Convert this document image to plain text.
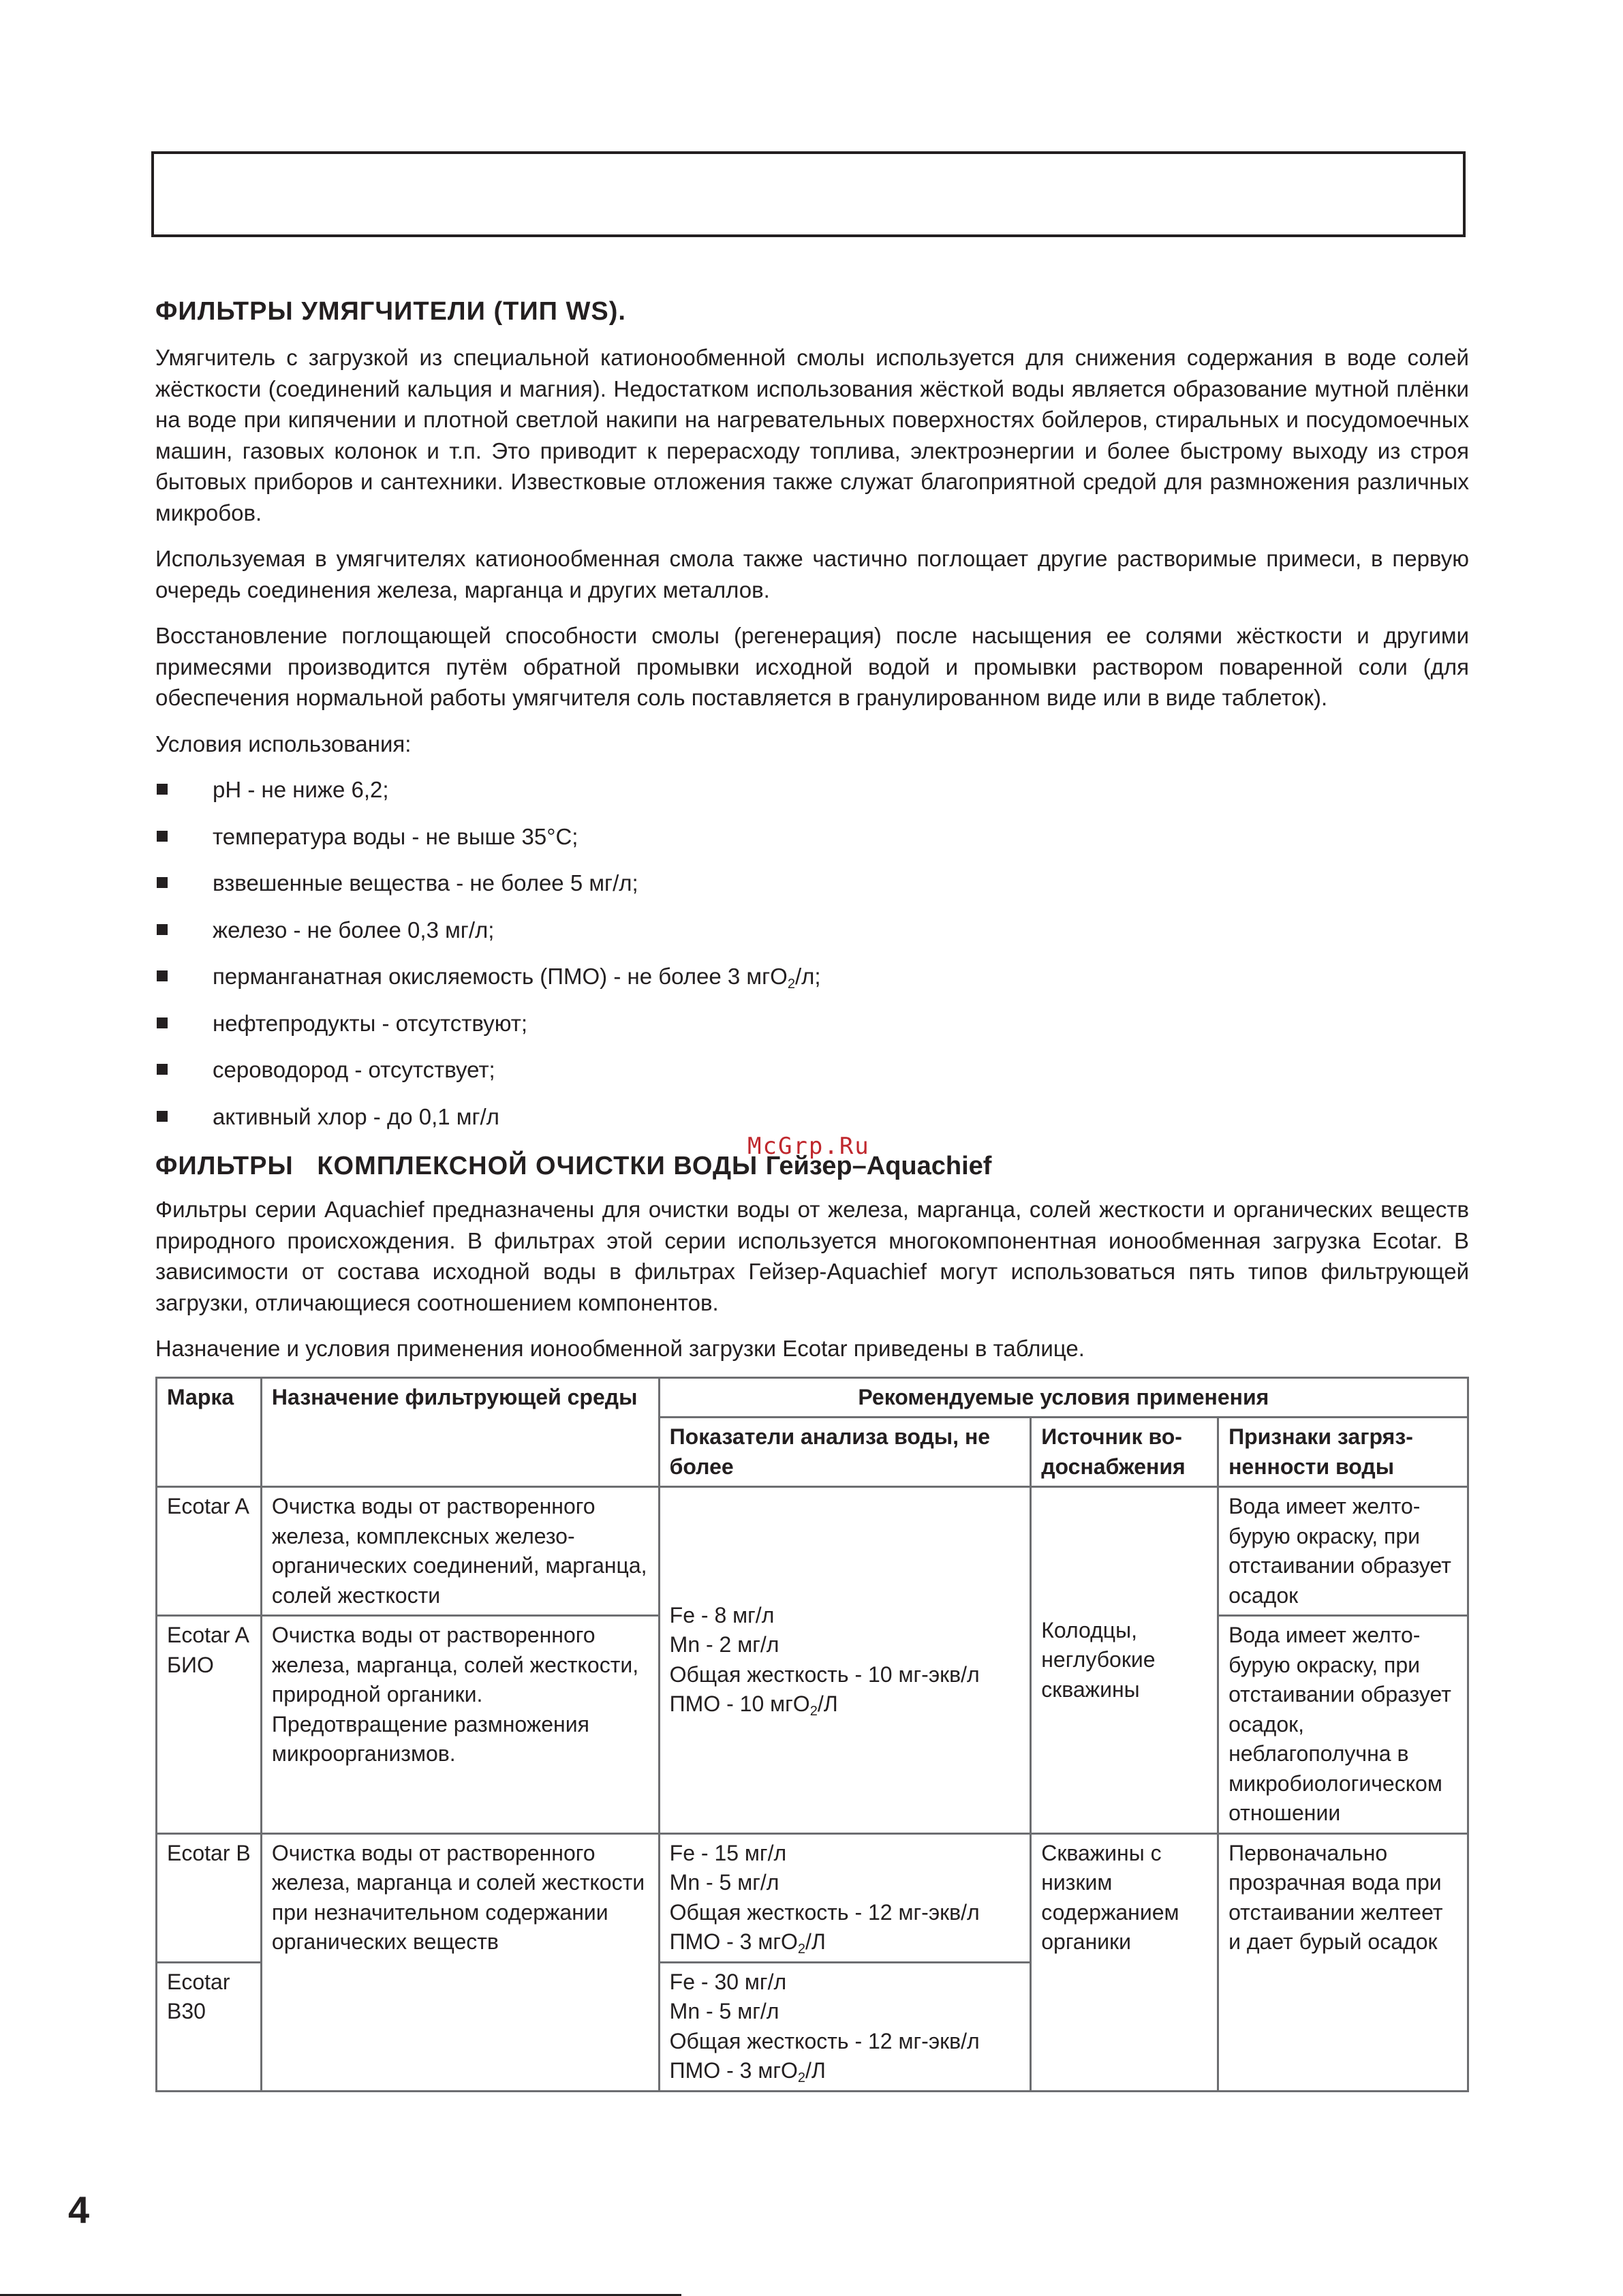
ФИЛЬТРЫ УМЯГЧИТЕЛИ (ТИП WS).

Умягчитель с загрузкой из специальной катионообменной смолы используется для снижения содержания в воде солей жёсткости (соединений кальция и магния). Недостатком использования жёсткой воды является образование мутной плёнки на воде при кипячении и плотной светлой накипи на нагревательных поверхностях бойлеров, стиральных и посудомоечных машин, газовых колонок и т.п. Это приводит к перерасходу топлива, электроэнергии и более быстрому выходу из строя бытовых приборов и сантехники. Известковые отложения также служат благоприятной средой для размножения различных микробов.

Используемая в умягчителях катионообменная смола также частично поглощает другие растворимые примеси, в первую очередь соединения железа, марганца и других металлов.

Восстановление поглощающей способности смолы (регенерация) после насыщения ее солями жёсткости и другими примесями производится путём обратной промывки исходной водой и промывки раствором поваренной соли (для обеспечения нормальной работы умягчителя соль поставляется в гранулированном виде или в виде таблеток).

Условия использования:

pH - не ниже 6,2;
температура воды - не выше 35°С;
взвешенные вещества - не более 5 мг/л;
железо - не более 0,3 мг/л;
перманганатная окисляемость (ПМО) - не более 3 мгО$_2$/л;
нефтепродукты - отсутствуют;
сероводород - отсутствует;
активный хлор - до 0,1 мг/л
ФИЛЬТРЫ   КОМПЛЕКСНОЙ ОЧИСТКИ ВОДЫ Гейзер–Aquachief

Фильтры серии Aquachief предназначены для очистки воды от железа, марганца, солей жесткости и органических веществ природного происхождения. В фильтрах этой серии используется многокомпонентная ионообменная загрузка Ecotar. В зависимости от состава исходной воды в фильтрах Гейзер-Aquachief могут использоваться пять типов фильтрующей загрузки, отличающиеся соотношением компонентов.

Назначение и условия применения ионообменной загрузки Ecotar приведены в таблице.

Марка	Назначение фильтрующей среды	Рекомендуемые условия применения		
		Показатели анализа воды, не более	Источник во-доснабжения	Признаки загряз-ненности воды
Ecotar A	Очистка воды от растворенного железа, комплексных железо-органических соединений, марганца, солей жесткости	Fe - 8 мг/л
Mn - 2 мг/л
Общая жесткость - 10 мг-экв/л
ПМО - 10 мгО$_2$/Л	Колодцы, неглубокие скважины	Вода имеет желто-бурую окраску, при отстаивании образует осадок
Ecotar A БИО	Очистка воды от растворенного железа, марганца, солей жесткости, природной органики. Предотвращение размножения микроорганизмов.			Вода имеет желто-бурую окраску, при отстаивании образует осадок, неблагополучна в микробиологическом отношении
Ecotar B	Очистка воды от растворенного железа, марганца и солей жесткости при незначительном содержании органических веществ	Fe - 15 мг/л
Mn - 5 мг/л
Общая жесткость - 12 мг-экв/л
ПМО - 3 мгО$_2$/Л	Скважины с низким содержанием органики	Первоначально прозрачная вода при отстаивании желтеет и дает бурый осадок
Ecotar B30		Fe - 30 мг/л
Mn - 5 мг/л
Общая жесткость - 12 мг-экв/л
ПМО - 3 мгО$_2$/Л		
McGrp.Ru
4
